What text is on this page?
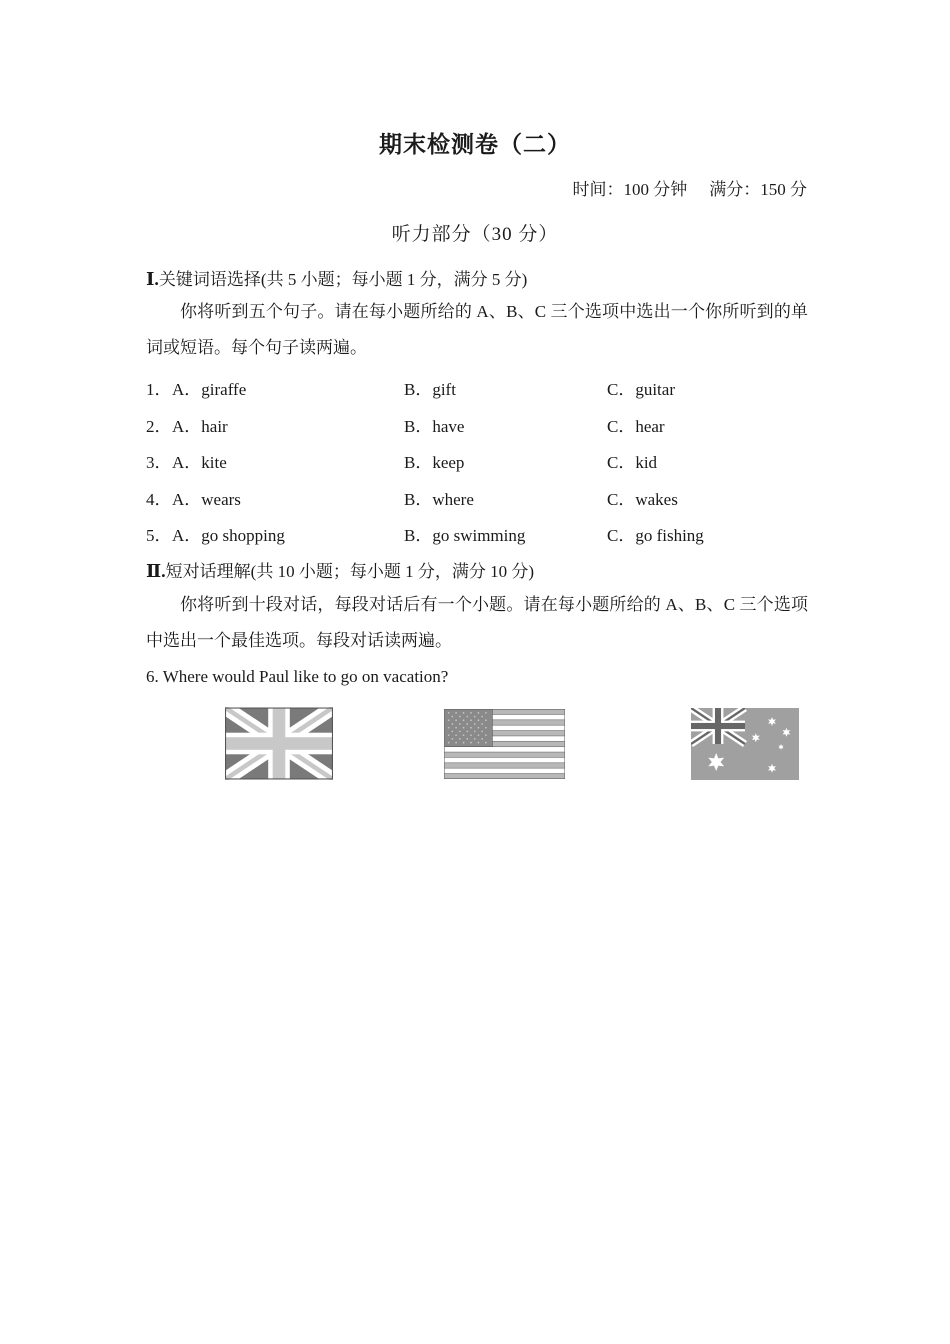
期末检测卷（二）
时间：100 分钟 满分：150 分
听力部分（30 分）
Ⅰ.关键词语选择(共 5 小题；每小题 1 分，满分 5 分)
你将听到五个句子。请在每小题所给的 A、B、C 三个选项中选出一个你所听到的单词或短语。每个句子读两遍。
1． A．giraffe	B．gift	C．guitar
2． A．hair	B．have	C．hear
3． A．kite	B．keep	C．kid
4． A．wears	B．where	C．wakes
5． A．go shopping	B．go swimming	C．go fishing
Ⅱ.短对话理解(共 10 小题；每小题 1 分，满分 10 分)
你将听到十段对话，每段对话后有一个小题。请在每小题所给的 A、B、C 三个选项中选出一个最佳选项。每段对话读两遍。
6. Where would Paul like to go on vacation?
